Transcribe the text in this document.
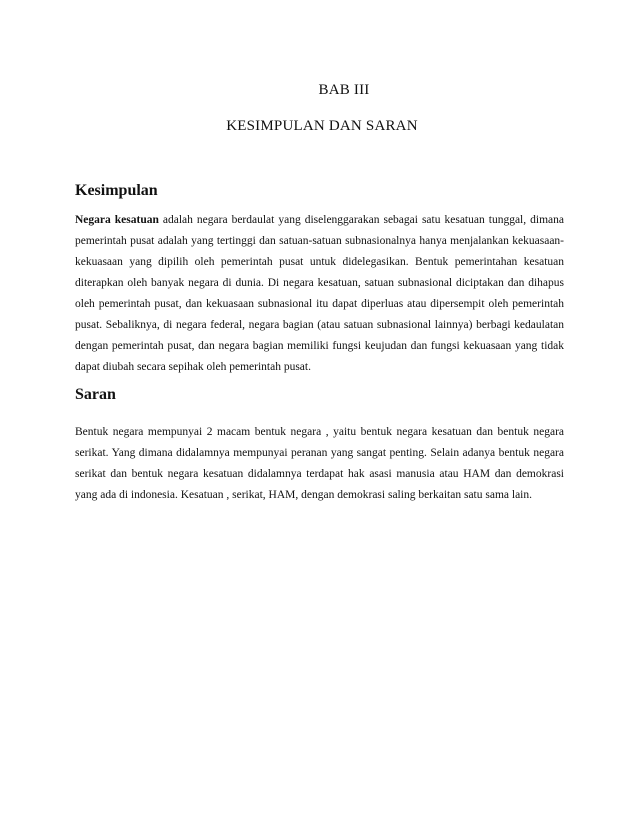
BAB III
KESIMPULAN DAN SARAN
Kesimpulan

Negara kesatuan adalah negara berdaulat yang diselenggarakan sebagai satu kesatuan tunggal, dimana pemerintah pusat adalah yang tertinggi dan satuan-satuan subnasionalnya hanya menjalankan kekuasaan-kekuasaan yang dipilih oleh pemerintah pusat untuk didelegasikan. Bentuk pemerintahan kesatuan diterapkan oleh banyak negara di dunia. Di negara kesatuan, satuan subnasional diciptakan dan dihapus oleh pemerintah pusat, dan kekuasaan subnasional itu dapat diperluas atau dipersempit oleh pemerintah pusat. Sebaliknya, di negara federal, negara bagian (atau satuan subnasional lainnya) berbagi kedaulatan dengan pemerintah pusat, dan negara bagian memiliki fungsi keujudan dan fungsi kekuasaan yang tidak dapat diubah secara sepihak oleh pemerintah pusat.

Saran

Bentuk negara mempunyai 2 macam bentuk negara , yaitu bentuk negara kesatuan dan bentuk negara serikat. Yang dimana didalamnya mempunyai peranan yang sangat penting. Selain adanya bentuk negara serikat dan bentuk negara kesatuan didalamnya terdapat hak asasi manusia atau HAM dan demokrasi yang ada di indonesia. Kesatuan , serikat, HAM, dengan demokrasi saling berkaitan satu sama lain.
